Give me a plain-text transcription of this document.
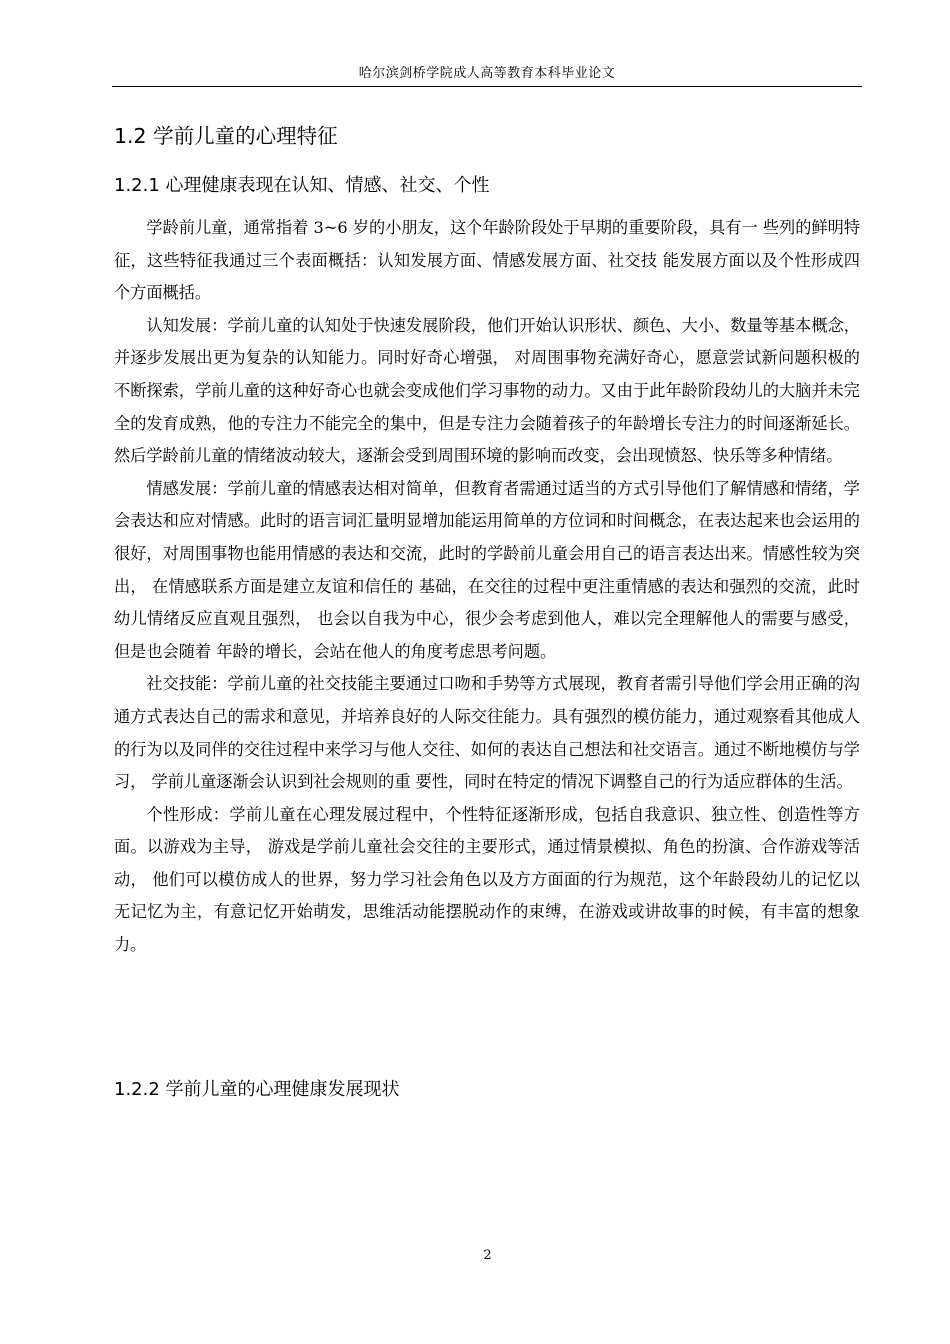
哈尔滨剑桥学院成人高等教育本科毕业论文
1.2 学前儿童的心理特征
1.2.1 心理健康表现在认知、情感、社交、个性

学龄前儿童，通常指着 3~6 岁的小朋友，这个年龄阶段处于早期的重要阶段，具有一 些列的鲜明特征，这些特征我通过三个表面概括：认知发展方面、情感发展方面、社交技 能发展方面以及个性形成四个方面概括。

认知发展：学前儿童的认知处于快速发展阶段，他们开始认识形状、颜色、大小、数量等基本概念，并逐步发展出更为复杂的认知能力。同时好奇心增强， 对周围事物充满好奇心，愿意尝试新问题积极的不断探索，学前儿童的这种好奇心也就会变成他们学习事物的动力。又由于此年龄阶段幼儿的大脑并未完全的发育成熟，他的专注力不能完全的集中，但是专注力会随着孩子的年龄增长专注力的时间逐渐延长。然后学龄前儿童的情绪波动较大，逐渐会受到周围环境的影响而改变，会出现愤怒、快乐等多种情绪。

情感发展：学前儿童的情感表达相对简单，但教育者需通过适当的方式引导他们了解情感和情绪，学会表达和应对情感。此时的语言词汇量明显增加能运用简单的方位词和时间概念，在表达起来也会运用的很好，对周围事物也能用情感的表达和交流，此时的学龄前儿童会用自己的语言表达出来。情感性较为突出， 在情感联系方面是建立友谊和信任的 基础，在交往的过程中更注重情感的表达和强烈的交流，此时幼儿情绪反应直观且强烈， 也会以自我为中心，很少会考虑到他人，难以完全理解他人的需要与感受，但是也会随着 年龄的增长，会站在他人的角度考虑思考问题。

社交技能：学前儿童的社交技能主要通过口吻和手势等方式展现，教育者需引导他们学会用正确的沟通方式表达自己的需求和意见，并培养良好的人际交往能力。具有强烈的模仿能力，通过观察看其他成人的行为以及同伴的交往过程中来学习与他人交往、如何的表达自己想法和社交语言。通过不断地模仿与学习， 学前儿童逐渐会认识到社会规则的重 要性，同时在特定的情况下调整自己的行为适应群体的生活。

个性形成：学前儿童在心理发展过程中，个性特征逐渐形成，包括自我意识、独立性、创造性等方面。以游戏为主导， 游戏是学前儿童社会交往的主要形式，通过情景模拟、角色的扮演、合作游戏等活动， 他们可以模仿成人的世界，努力学习社会角色以及方方面面的行为规范，这个年龄段幼儿的记忆以无记忆为主，有意记忆开始萌发，思维活动能摆脱动作的束缚，在游戏或讲故事的时候，有丰富的想象力。

1.2.2 学前儿童的心理健康发展现状
2
